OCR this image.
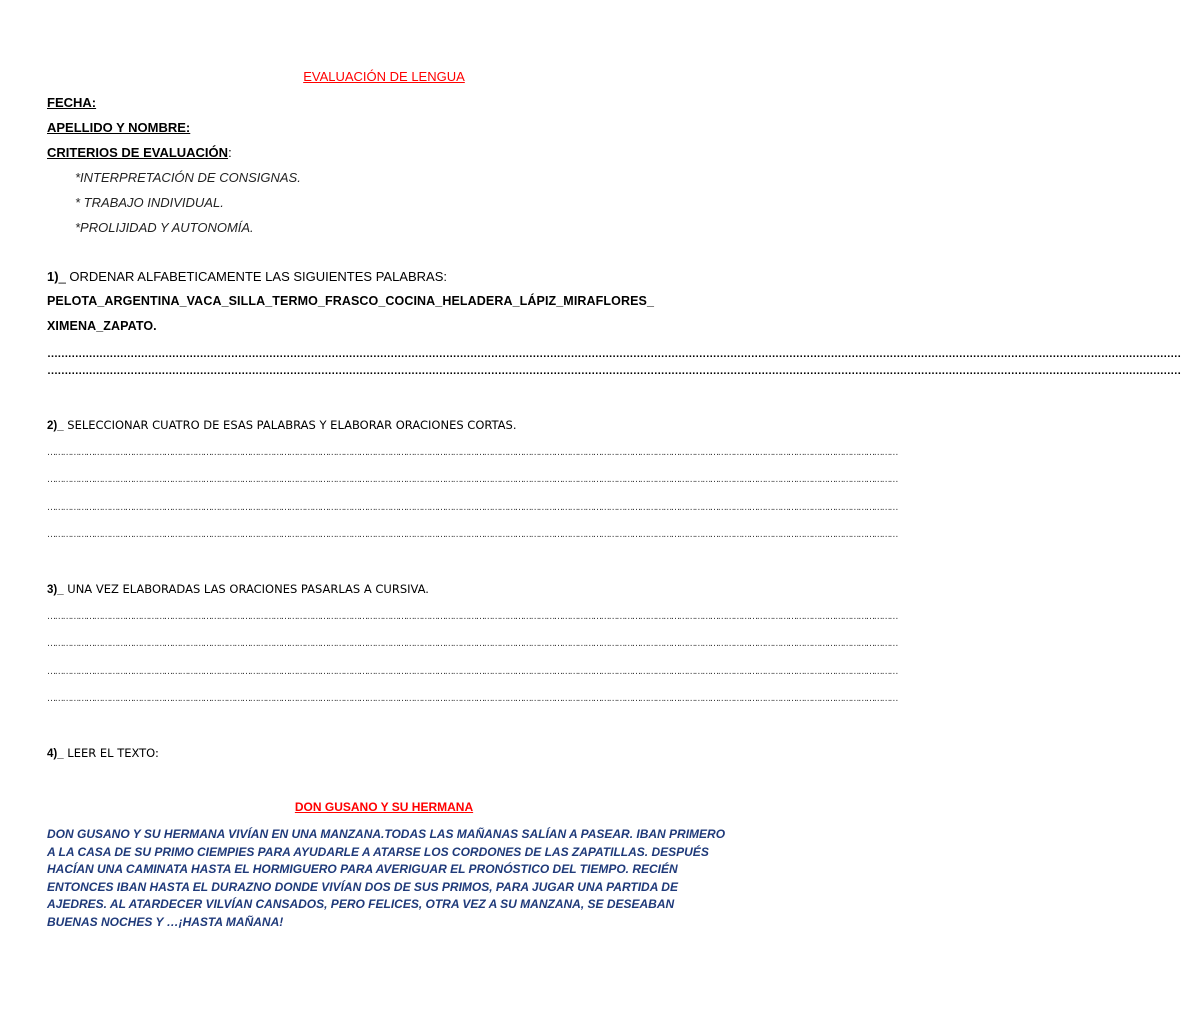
EVALUACIÓN DE LENGUA
FECHA:
APELLIDO Y NOMBRE:
CRITERIOS DE EVALUACIÓN:
*INTERPRETACIÓN DE CONSIGNAS.
* TRABAJO INDIVIDUAL.
*PROLIJIDAD Y AUTONOMÍA.
1)_ ORDENAR ALFABETICAMENTE LAS SIGUIENTES PALABRAS:
PELOTA_ARGENTINA_VACA_SILLA_TERMO_FRASCO_COCINA_HELADERA_LÁPIZ_MIRAFLORES_
XIMENA_ZAPATO.
…………………………………………………………………………………………………………………………………………………………………………………………………………………………………………………………………………………………………
…………………………………………………………………………………………………………………………………………………………………………………………………………………………………………………………………………………………………
2)_ SELECCIONAR CUATRO DE ESAS PALABRAS Y ELABORAR ORACIONES CORTAS.
…………………………………………………………………………………………………………………………………………………………………………………………………………………………………………………………………………………………………
…………………………………………………………………………………………………………………………………………………………………………………………………………………………………………………………………………………………………
…………………………………………………………………………………………………………………………………………………………………………………………………………………………………………………………………………………………………
…………………………………………………………………………………………………………………………………………………………………………………………………………………………………………………………………………………………………
3)_ UNA VEZ ELABORADAS LAS ORACIONES PASARLAS A CURSIVA.
…………………………………………………………………………………………………………………………………………………………………………………………………………………………………………………………………………………………………
…………………………………………………………………………………………………………………………………………………………………………………………………………………………………………………………………………………………………
…………………………………………………………………………………………………………………………………………………………………………………………………………………………………………………………………………………………………
…………………………………………………………………………………………………………………………………………………………………………………………………………………………………………………………………………………………………
4)_ LEER EL TEXTO:
DON GUSANO Y SU HERMANA
DON GUSANO Y SU HERMANA VIVÍAN EN UNA MANZANA.TODAS LAS MAÑANAS SALÍAN A PASEAR. IBAN PRIMERO A LA CASA DE SU PRIMO CIEMPIES PARA AYUDARLE A ATARSE LOS CORDONES DE LAS ZAPATILLAS. DESPUÉS HACÍAN UNA CAMINATA HASTA EL HORMIGUERO PARA AVERIGUAR EL PRONÓSTICO DEL TIEMPO. RECIÉN ENTONCES IBAN HASTA EL DURAZNO DONDE VIVÍAN DOS DE SUS PRIMOS, PARA JUGAR UNA PARTIDA DE AJEDRES. AL ATARDECER VILVÍAN CANSADOS, PERO FELICES, OTRA VEZ A SU MANZANA, SE DESEABAN BUENAS NOCHES Y …¡HASTA MAÑANA!
